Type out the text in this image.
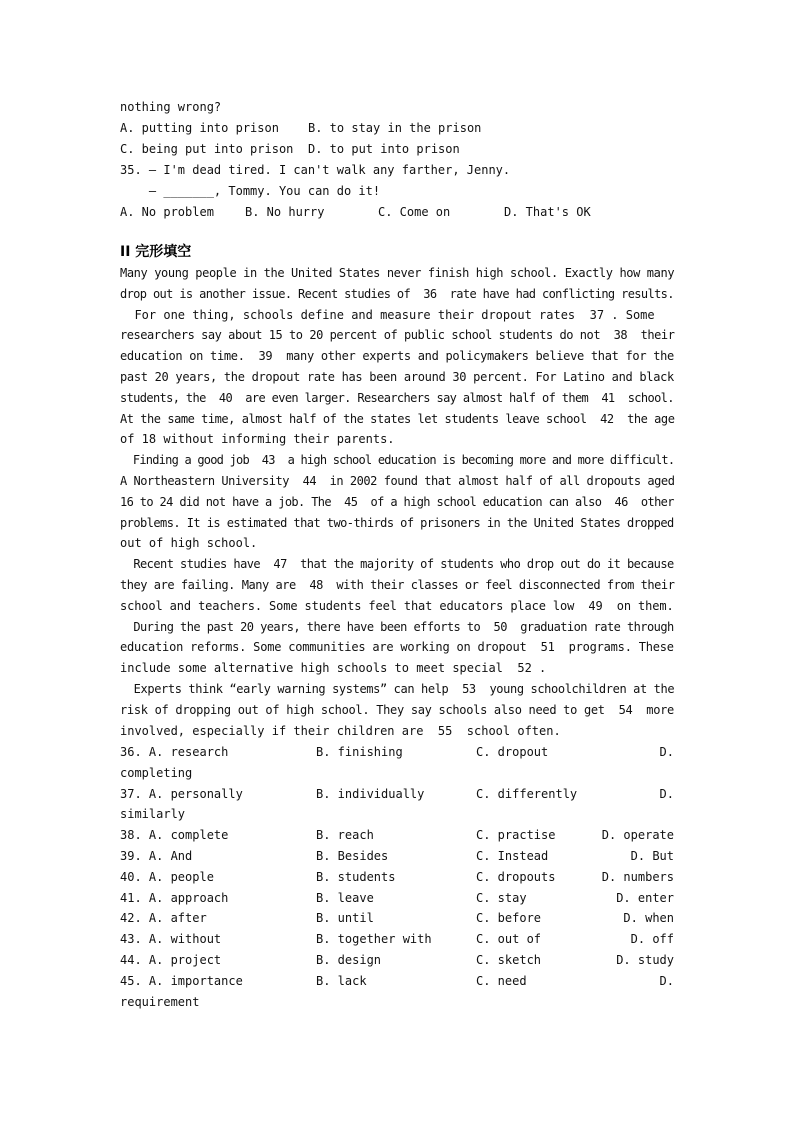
nothing wrong?

A. putting into prison B. to stay in the prison

C. being put into prison D. to put into prison

35. — I'm dead tired. I can't walk any farther, Jenny.

— _______, Tommy. You can do it!

A. No problem	B. No hurry	C. Come on	D. That's OK

II 完形填空

Many young people in the United States never finish high school. Exactly how many

drop out is another issue. Recent studies of  36  rate have had conflicting results.

For one thing, schools define and measure their dropout rates  37 . Some

researchers say about 15 to 20 percent of public school students do not  38  their

education on time.  39  many other experts and policymakers believe that for the

past 20 years, the dropout rate has been around 30 percent. For Latino and black

students, the  40  are even larger. Researchers say almost half of them  41  school.

At the same time, almost half of the states let students leave school  42  the age

of 18 without informing their parents.

Finding a good job  43  a high school education is becoming more and more difficult.

A Northeastern University  44  in 2002 found that almost half of all dropouts aged

16 to 24 did not have a job. The  45  of a high school education can also  46  other

problems. It is estimated that two-thirds of prisoners in the United States dropped

out of high school.

Recent studies have  47  that the majority of students who drop out do it because

they are failing. Many are  48  with their classes or feel disconnected from their

school and teachers. Some students feel that educators place low  49  on them.

During the past 20 years, there have been efforts to  50  graduation rate through

education reforms. Some communities are working on dropout  51  programs. These

include some alternative high schools to meet special  52 .

Experts think “early warning systems” can help  53  young schoolchildren at the

risk of dropping out of high school. They say schools also need to get  54  more

involved, especially if their children are  55  school often.

36. A. research	B. finishing	C. dropout	D.

completing

37. A. personally	B. individually	C. differently	D.

similarly

38. A. complete	B. reach	C. practise	D. operate

39. A. And	B. Besides	C. Instead	D. But

40. A. people	B. students	C. dropouts	D. numbers

41. A. approach	B. leave	C. stay	D. enter

42. A. after	B. until	C. before	D. when

43. A. without	B. together with	C. out of	D. off

44. A. project	B. design	C. sketch	D. study

45. A. importance	B. lack	C. need	D.

requirement
